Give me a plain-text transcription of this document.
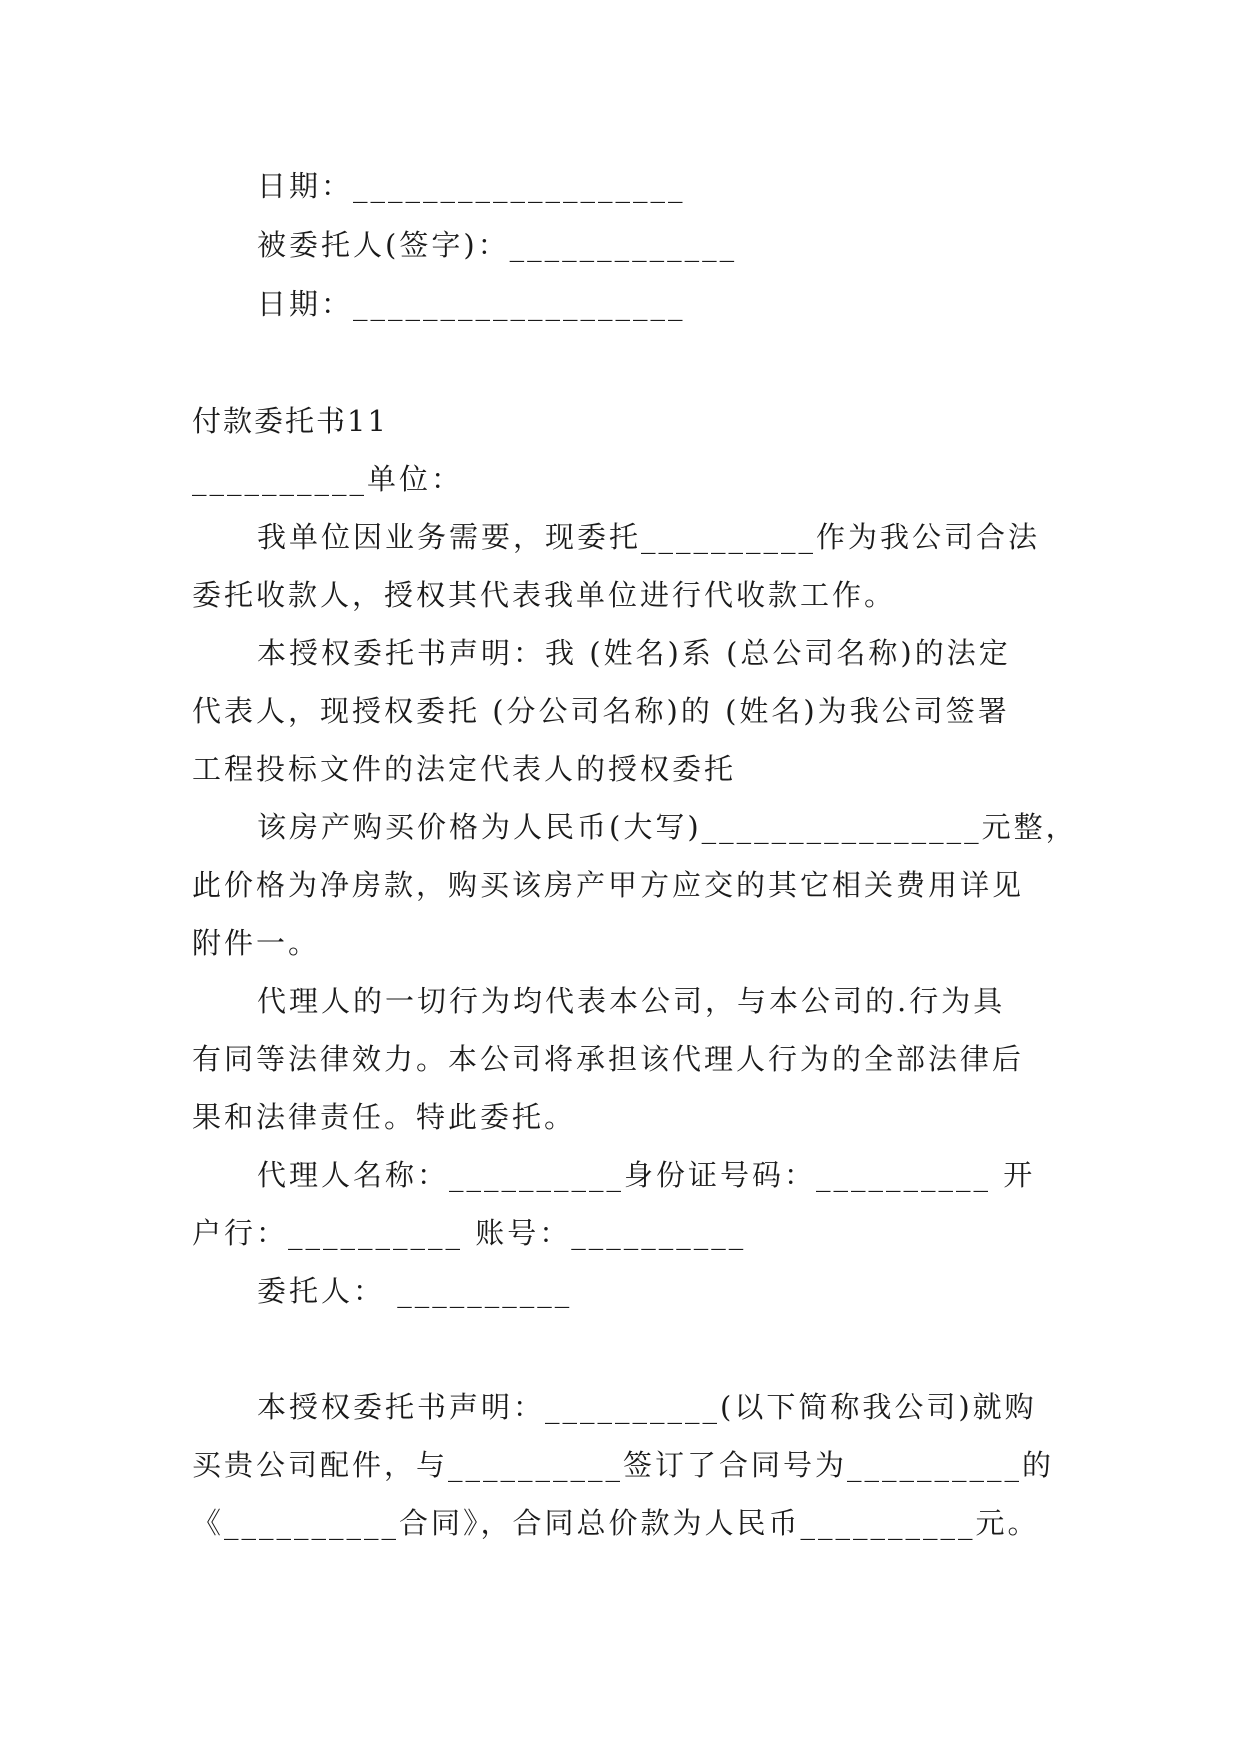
日期：___________________
被委托人(签字)：_____________
日期：___________________
付款委托书11
__________单位：
我单位因业务需要，现委托__________作为我公司合法
委托收款人，授权其代表我单位进行代收款工作。
本授权委托书声明：我 (姓名)系 (总公司名称)的法定
代表人，现授权委托 (分公司名称)的 (姓名)为我公司签署
工程投标文件的法定代表人的授权委托
该房产购买价格为人民币(大写)________________元整，
此价格为净房款，购买该房产甲方应交的其它相关费用详见
附件一。
代理人的一切行为均代表本公司，与本公司的.行为具
有同等法律效力。本公司将承担该代理人行为的全部法律后
果和法律责任。特此委托。
代理人名称：__________身份证号码：__________ 开
户行：__________ 账号：__________
委托人： __________
本授权委托书声明：__________(以下简称我公司)就购
买贵公司配件，与__________签订了合同号为__________的
《__________合同》，合同总价款为人民币__________元。
